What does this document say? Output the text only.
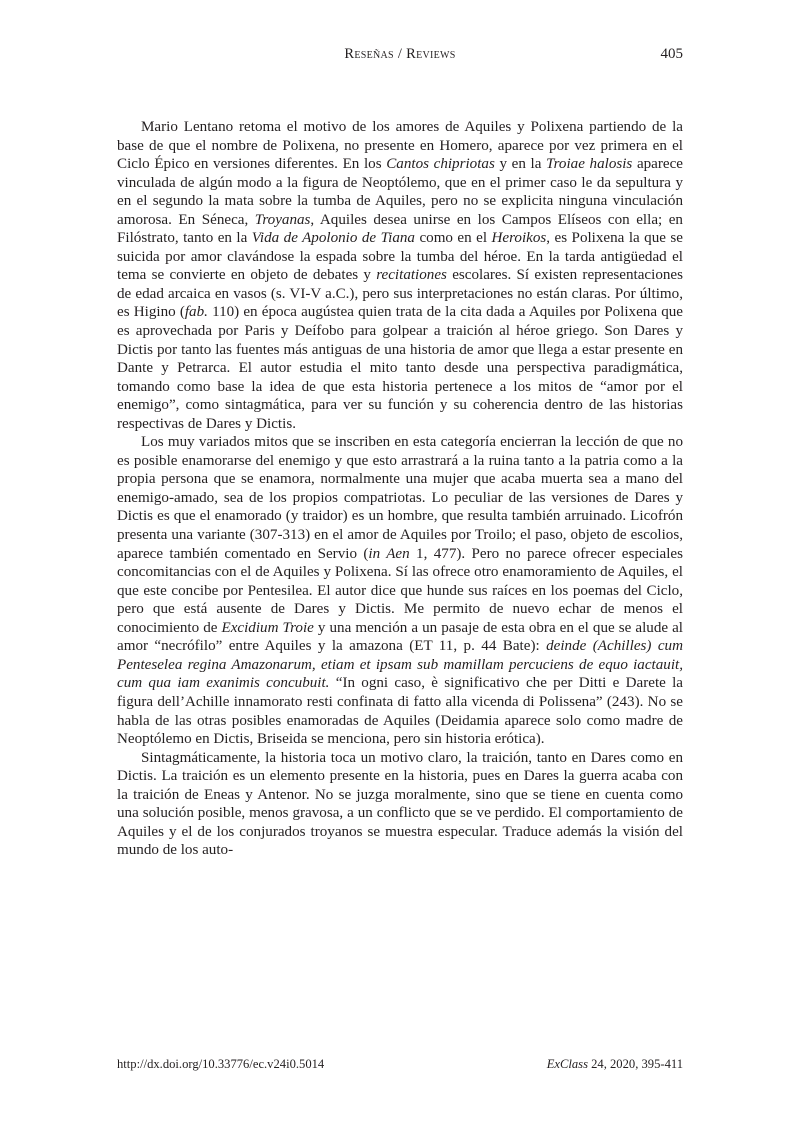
Reseñas / Reviews	405

Mario Lentano retoma el motivo de los amores de Aquiles y Polixena partiendo de la base de que el nombre de Polixena, no presente en Homero, aparece por vez primera en el Ciclo Épico en versiones diferentes. En los Cantos chipriotas y en la Troiae halosis aparece vinculada de algún modo a la figura de Neoptólemo, que en el primer caso le da sepultura y en el segundo la mata sobre la tumba de Aquiles, pero no se explicita ninguna vinculación amorosa. En Séneca, Troyanas, Aquiles desea unirse en los Campos Elíseos con ella; en Filóstrato, tanto en la Vida de Apolonio de Tiana como en el Heroikos, es Polixena la que se suicida por amor clavándose la espada sobre la tumba del héroe. En la tarda antigüedad el tema se convierte en objeto de debates y recitationes escolares. Sí existen representaciones de edad arcaica en vasos (s. VI-V a.C.), pero sus interpretaciones no están claras. Por último, es Higino (fab. 110) en época augústea quien trata de la cita dada a Aquiles por Polixena que es aprovechada por Paris y Deífobo para golpear a traición al héroe griego. Son Dares y Dictis por tanto las fuentes más antiguas de una historia de amor que llega a estar presente en Dante y Petrarca. El autor estudia el mito tanto desde una perspectiva paradigmática, tomando como base la idea de que esta historia pertenece a los mitos de “amor por el enemigo”, como sintagmática, para ver su función y su coherencia dentro de las historias respectivas de Dares y Dictis.

Los muy variados mitos que se inscriben en esta categoría encierran la lección de que no es posible enamorarse del enemigo y que esto arrastrará a la ruina tanto a la patria como a la propia persona que se enamora, normalmente una mujer que acaba muerta sea a mano del enemigo-amado, sea de los propios compatriotas. Lo peculiar de las versiones de Dares y Dictis es que el enamorado (y traidor) es un hombre, que resulta también arruinado. Licofrón presenta una variante (307-313) en el amor de Aquiles por Troilo; el paso, objeto de escolios, aparece también comentado en Servio (in Aen 1, 477). Pero no parece ofrecer especiales concomitancias con el de Aquiles y Polixena. Sí las ofrece otro enamoramiento de Aquiles, el que este concibe por Pentesilea. El autor dice que hunde sus raíces en los poemas del Ciclo, pero que está ausente de Dares y Dictis. Me permito de nuevo echar de menos el conocimiento de Excidium Troie y una mención a un pasaje de esta obra en el que se alude al amor “necrófilo” entre Aquiles y la amazona (ET 11, p. 44 Bate): deinde (Achilles) cum Penteselea regina Amazonarum, etiam et ipsam sub mamillam percuciens de equo iactauit, cum qua iam exanimis concubuit. “In ogni caso, è significativo che per Ditti e Darete la figura dell’Achille innamorato resti confinata di fatto alla vicenda di Polissena” (243). No se habla de las otras posibles enamoradas de Aquiles (Deidamia aparece solo como madre de Neoptólemo en Dictis, Briseida se menciona, pero sin historia erótica).

Sintagmáticamente, la historia toca un motivo claro, la traición, tanto en Dares como en Dictis. La traición es un elemento presente en la historia, pues en Dares la guerra acaba con la traición de Eneas y Antenor. No se juzga moralmente, sino que se tiene en cuenta como una solución posible, menos gravosa, a un conflicto que se ve perdido. El comportamiento de Aquiles y el de los conjurados troyanos se muestra especular. Traduce además la visión del mundo de los auto-

http://dx.doi.org/10.33776/ec.v24i0.5014	ExClass 24, 2020, 395-411
